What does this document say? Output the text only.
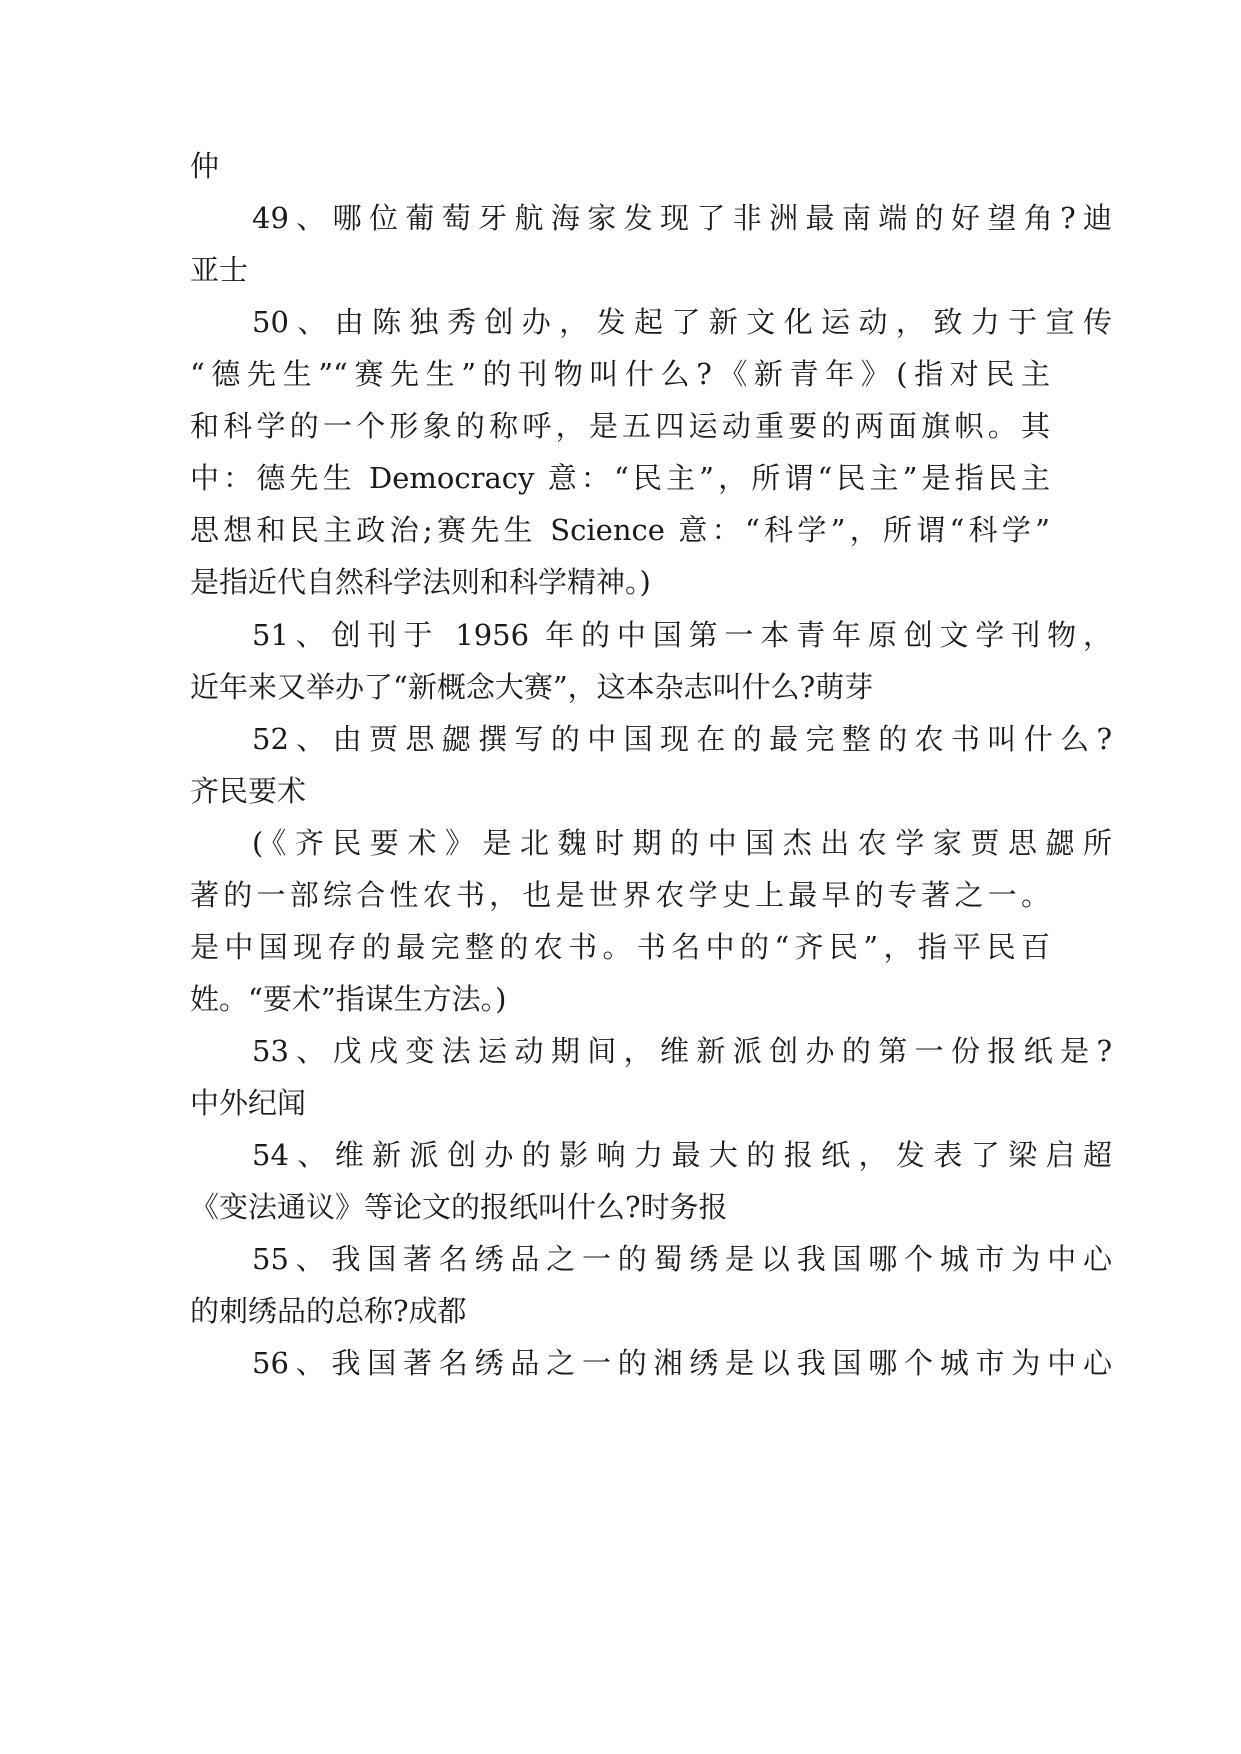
仲
49、哪位葡萄牙航海家发现了非洲最南端的好望角?迪
亚士
50、由陈独秀创办，发起了新文化运动，致力于宣传
“德先生”“赛先生”的刊物叫什么?《新青年》(指对民主
和科学的一个形象的称呼，是五四运动重要的两面旗帜。其
中：德先生 Democracy 意：“民主”，所谓“民主”是指民主
思想和民主政治;赛先生 Science 意：“科学”，所谓“科学”
是指近代自然科学法则和科学精神。)
51、创刊于 1956 年的中国第一本青年原创文学刊物，
近年来又举办了“新概念大赛”，这本杂志叫什么?萌芽
52、由贾思勰撰写的中国现在的最完整的农书叫什么?
齐民要术
(《齐民要术》是北魏时期的中国杰出农学家贾思勰所
著的一部综合性农书，也是世界农学史上最早的专著之一。
是中国现存的最完整的农书。书名中的“齐民”，指平民百
姓。“要术”指谋生方法。)
53、戊戌变法运动期间，维新派创办的第一份报纸是?
中外纪闻
54、维新派创办的影响力最大的报纸，发表了梁启超
《变法通议》等论文的报纸叫什么?时务报
55、我国著名绣品之一的蜀绣是以我国哪个城市为中心
的刺绣品的总称?成都
56、我国著名绣品之一的湘绣是以我国哪个城市为中心
